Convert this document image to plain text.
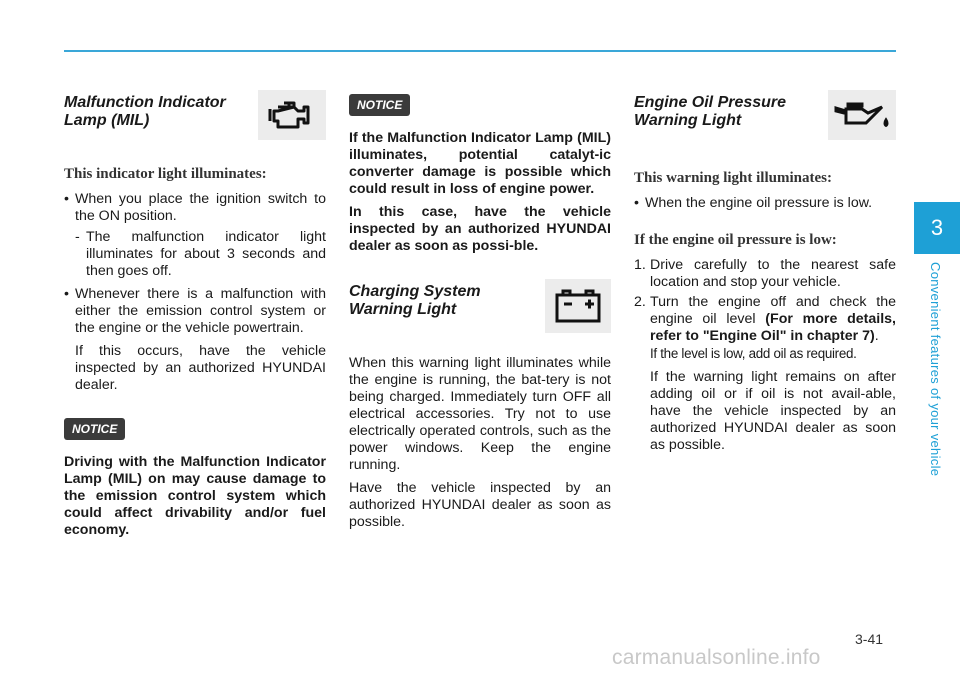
3
Convenient features of your vehicle
3-41
carmanualsonline.info
Malfunction Indicator
Lamp (MIL)
This indicator light illuminates:

• When you place the ignition switch to the ON position.

- The malfunction indicator light illuminates for about 3 seconds and then goes off.

• Whenever there is a malfunction with either the emission control system or the engine or the vehicle powertrain.

If this occurs, have the vehicle inspected by an authorized HYUNDAI dealer.

NOTICE

Driving with the Malfunction Indicator Lamp (MIL) on may cause damage to the emission control system which could affect drivability and/or fuel economy.

NOTICE

If the Malfunction Indicator Lamp (MIL) illuminates, potential catalyt-ic converter damage is possible which could result in loss of engine power.

In this case, have the vehicle inspected by an authorized HYUNDAI dealer as soon as possi-ble.

Charging System
Warning Light

When this warning light illuminates while the engine is running, the bat-tery is not being charged. Immediately turn OFF all electrical accessories. Try not to use electrically operated controls, such as the power windows. Keep the engine running.

Have the vehicle inspected by an authorized HYUNDAI dealer as soon as possible.

Engine Oil Pressure
Warning Light
This warning light illuminates:

• When the engine oil pressure is low.

If the engine oil pressure is low:

1. Drive carefully to the nearest safe location and stop your vehicle.

2. Turn the engine off and check the engine oil level (For more details, refer to "Engine Oil" in chapter 7).
If the level is low, add oil as required.

If the warning light remains on after adding oil or if oil is not avail-able, have the vehicle inspected by an authorized HYUNDAI dealer as soon as possible.
